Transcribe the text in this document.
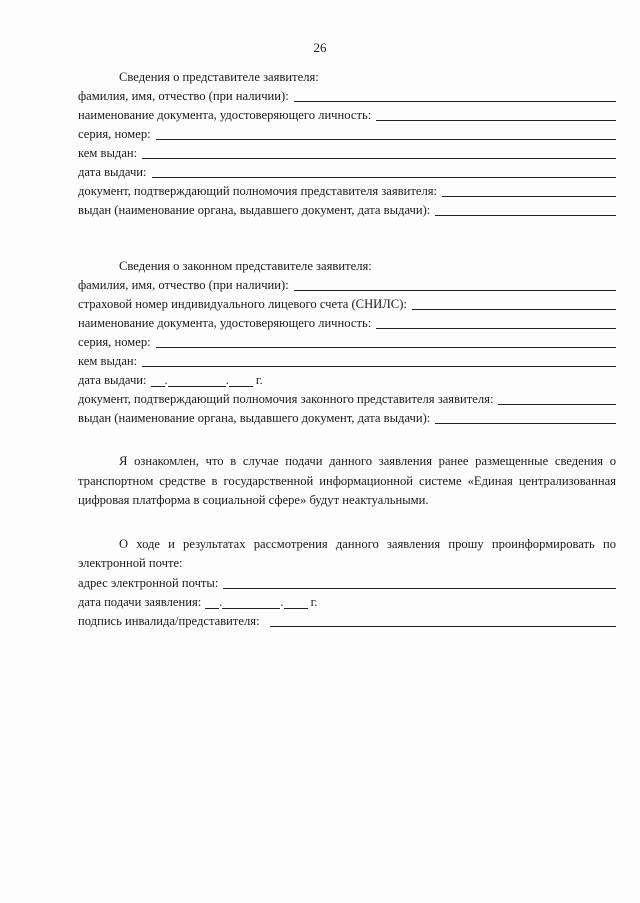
26
Сведения о представителе заявителя:
фамилия, имя, отчество (при наличии):
наименование документа, удостоверяющего личность:
серия, номер:
кем выдан:
дата выдачи:
документ, подтверждающий полномочия представителя заявителя:
выдан (наименование органа, выдавшего документ, дата выдачи):
Сведения о законном представителе заявителя:
фамилия, имя, отчество (при наличии):
страховой номер индивидуального лицевого счета (СНИЛС):
наименование документа, удостоверяющего личность:
серия, номер:
кем выдан:
дата выдачи: .	. г.
документ, подтверждающий полномочия законного представителя заявителя:
выдан (наименование органа, выдавшего документ, дата выдачи):
Я ознакомлен, что в случае подачи данного заявления ранее размещенные сведения о транспортном средстве в государственной информационной системе «Единая централизованная цифровая платформа в социальной сфере» будут неактуальными.
О ходе и результатах рассмотрения данного заявления прошу проинформировать по
электронной почте:
адрес электронной почты:
дата подачи заявления: .	. г.
подпись инвалида/представителя:
